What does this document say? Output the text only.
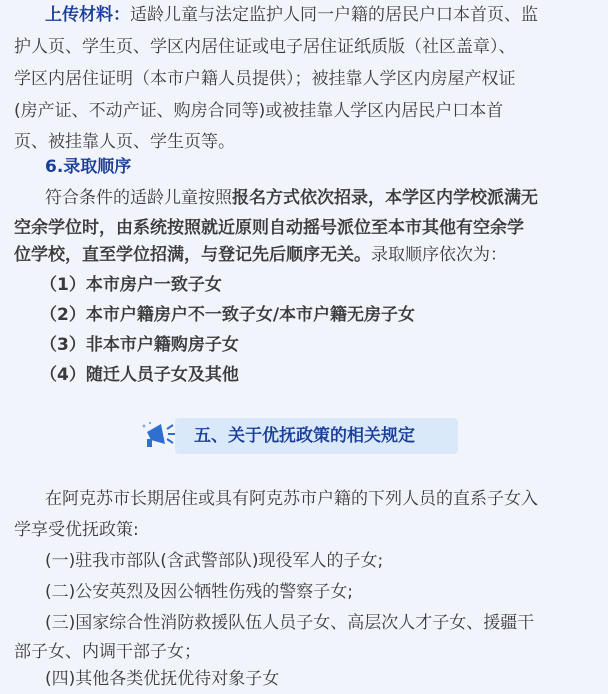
上传材料：适龄儿童与法定监护人同一户籍的居民户口本首页、监
护人页、学生页、学区内居住证或电子居住证纸质版（社区盖章）、
学区内居住证明（本市户籍人员提供）；被挂靠人学区内房屋产权证
(房产证、不动产证、购房合同等)或被挂靠人学区内居民户口本首
页、被挂靠人页、学生页等。
6.录取顺序
符合条件的适龄儿童按照报名方式依次招录，本学区内学校派满无
空余学位时，由系统按照就近原则自动摇号派位至本市其他有空余学
位学校，直至学位招满，与登记先后顺序无关。录取顺序依次为：
（1）本市房户一致子女
（2）本市户籍房户不一致子女/本市户籍无房子女
（3）非本市户籍购房子女
（4）随迁人员子女及其他
五、关于优抚政策的相关规定
在阿克苏市长期居住或具有阿克苏市户籍的下列人员的直系子女入
学享受优抚政策:
(一)驻我市部队(含武警部队)现役军人的子女;
(二)公安英烈及因公牺牲伤残的警察子女;
(三)国家综合性消防救援队伍人员子女、高层次人才子女、援疆干
部子女、内调干部子女；
(四)其他各类优抚优待对象子女
